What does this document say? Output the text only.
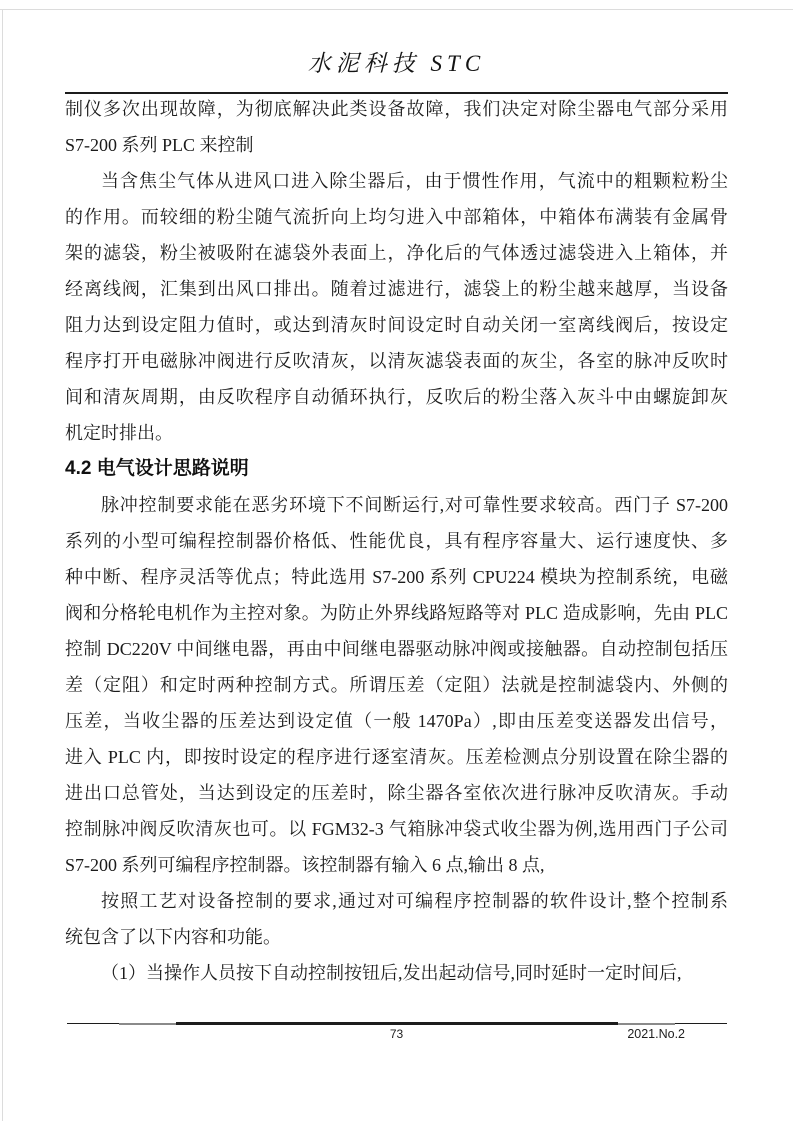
水泥科技 STC
制仪多次出现故障，为彻底解决此类设备故障，我们决定对除尘器电气部分采用
S7-200 系列 PLC 来控制
当含焦尘气体从进风口进入除尘器后，由于惯性作用，气流中的粗颗粒粉尘
的作用。而较细的粉尘随气流折向上均匀进入中部箱体，中箱体布满装有金属骨
架的滤袋，粉尘被吸附在滤袋外表面上，净化后的气体透过滤袋进入上箱体，并
经离线阀，汇集到出风口排出。随着过滤进行，滤袋上的粉尘越来越厚，当设备
阻力达到设定阻力值时，或达到清灰时间设定时自动关闭一室离线阀后，按设定
程序打开电磁脉冲阀进行反吹清灰，以清灰滤袋表面的灰尘，各室的脉冲反吹时
间和清灰周期，由反吹程序自动循环执行，反吹后的粉尘落入灰斗中由螺旋卸灰
机定时排出。
4.2 电气设计思路说明
脉冲控制要求能在恶劣环境下不间断运行,对可靠性要求较高。西门子 S7-200
系列的小型可编程控制器价格低、性能优良，具有程序容量大、运行速度快、多
种中断、程序灵活等优点；特此选用 S7-200 系列 CPU224 模块为控制系统，电磁
阀和分格轮电机作为主控对象。为防止外界线路短路等对 PLC 造成影响，先由 PLC
控制 DC220V 中间继电器，再由中间继电器驱动脉冲阀或接触器。自动控制包括压
差（定阻）和定时两种控制方式。所谓压差（定阻）法就是控制滤袋内、外侧的
压差，当收尘器的压差达到设定值（一般 1470Pa）,即由压差变送器发出信号，
进入 PLC 内，即按时设定的程序进行逐室清灰。压差检测点分别设置在除尘器的
进出口总管处，当达到设定的压差时，除尘器各室依次进行脉冲反吹清灰。手动
控制脉冲阀反吹清灰也可。以 FGM32-3 气箱脉冲袋式收尘器为例,选用西门子公司
S7-200 系列可编程序控制器。该控制器有输入 6 点,输出 8 点,
按照工艺对设备控制的要求,通过对可编程序控制器的软件设计,整个控制系
统包含了以下内容和功能。
（1）当操作人员按下自动控制按钮后,发出起动信号,同时延时一定时间后,
73	2021.No.2
